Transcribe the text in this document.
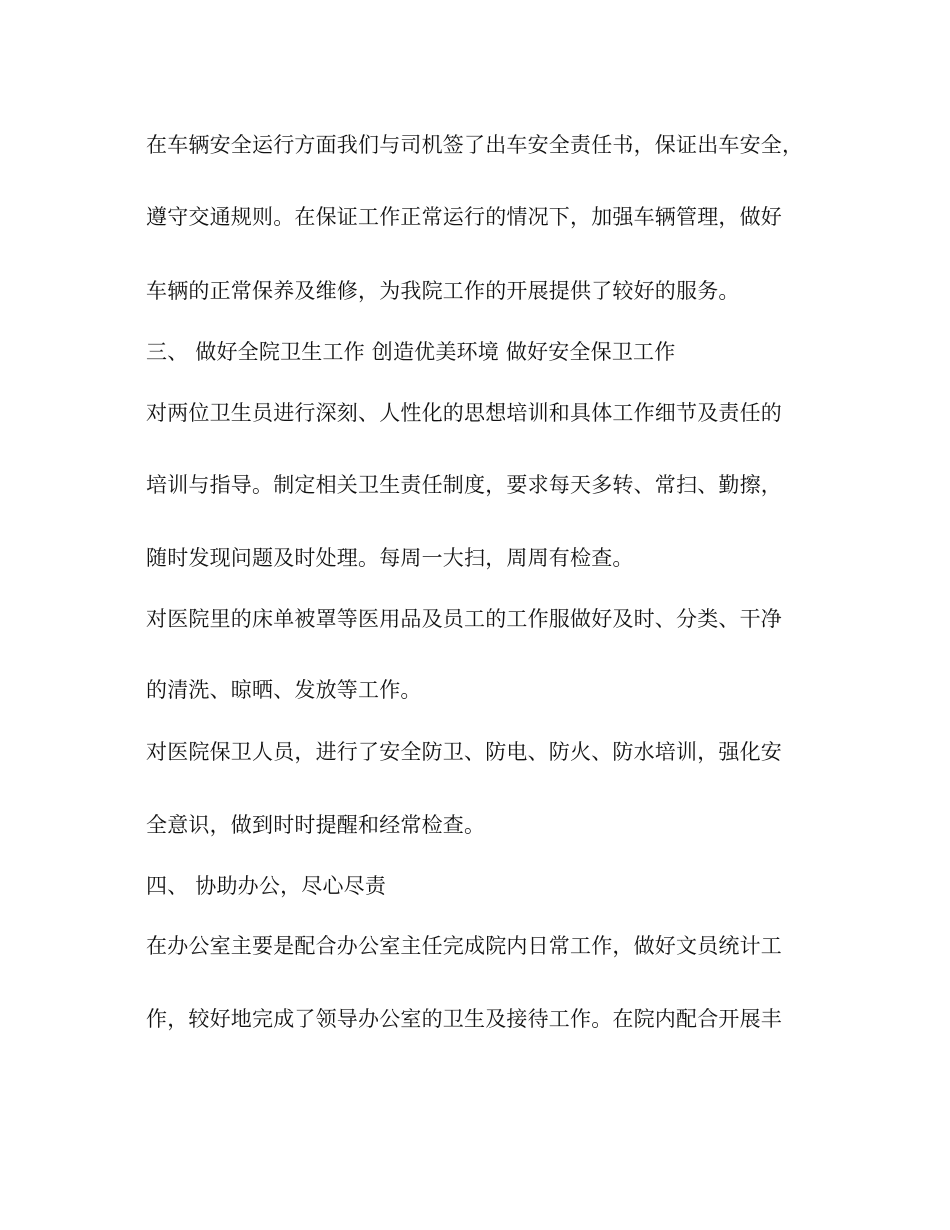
在车辆安全运行方面我们与司机签了出车安全责任书，保证出车安全，
遵守交通规则。在保证工作正常运行的情况下，加强车辆管理，做好
车辆的正常保养及维修，为我院工作的开展提供了较好的服务。
三、 做好全院卫生工作 创造优美环境 做好安全保卫工作
对两位卫生员进行深刻、人性化的思想培训和具体工作细节及责任的
培训与指导。制定相关卫生责任制度，要求每天多转、常扫、勤擦，
随时发现问题及时处理。每周一大扫，周周有检查。
对医院里的床单被罩等医用品及员工的工作服做好及时、分类、干净
的清洗、晾晒、发放等工作。
对医院保卫人员，进行了安全防卫、防电、防火、防水培训，强化安
全意识，做到时时提醒和经常检查。
四、 协助办公，尽心尽责
在办公室主要是配合办公室主任完成院内日常工作，做好文员统计工
作，较好地完成了领导办公室的卫生及接待工作。在院内配合开展丰
